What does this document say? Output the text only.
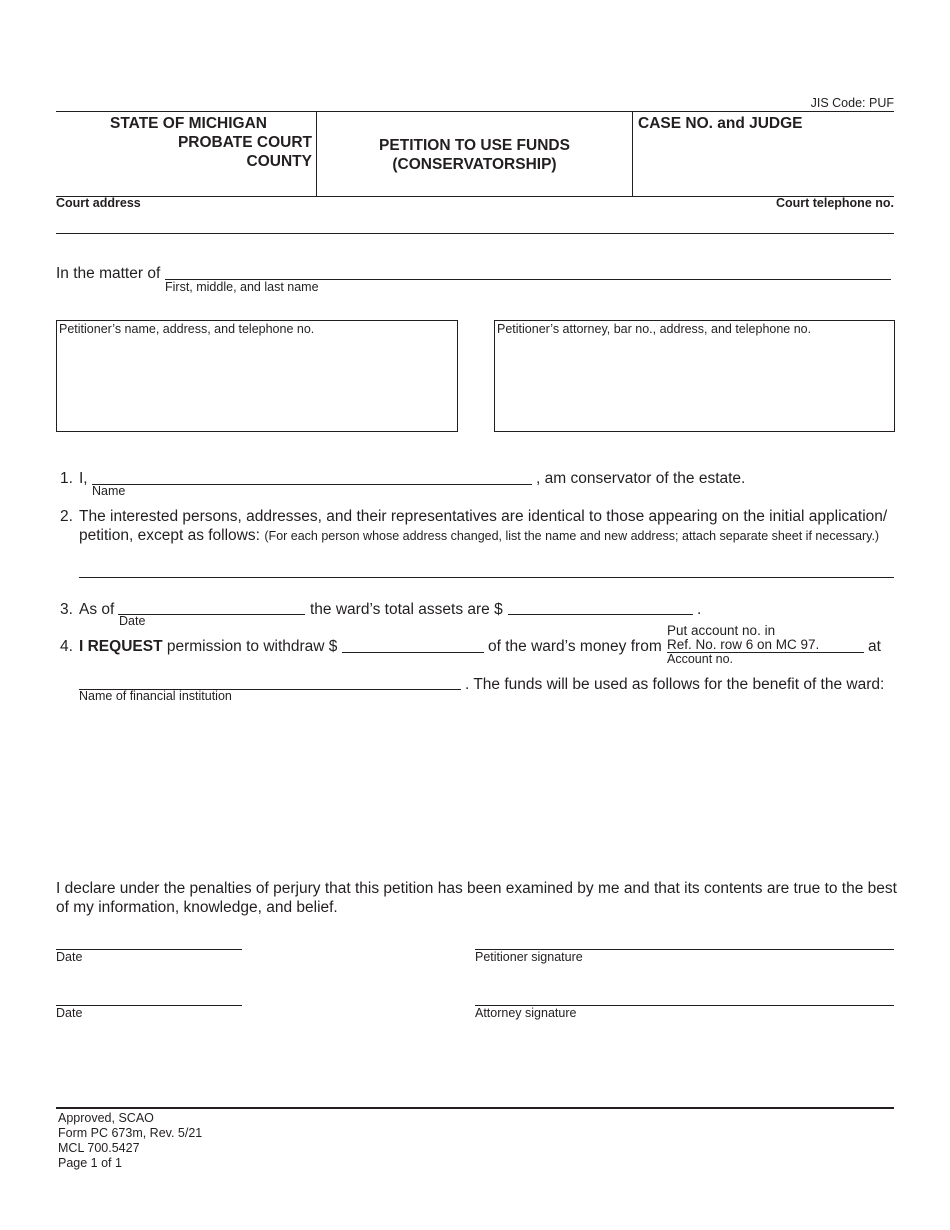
JIS Code: PUF
STATE OF MICHIGAN
PROBATE COURT
COUNTY
PETITION TO USE FUNDS
(CONSERVATORSHIP)
CASE NO. and JUDGE
Court address	Court telephone no.
In the matter of
First, middle, and last name
Petitioner’s name, address, and telephone no.	Petitioner’s attorney, bar no., address, and telephone no.
1. I,	, am conservator of the estate.
Name
2. The interested persons, addresses, and their representatives are identical to those appearing on the initial application/
petition, except as follows: (For each person whose address changed, list the name and new address; attach separate sheet if necessary.)
3. As of
Date
the ward’s total assets are $	.
4. I REQUEST permission to withdraw $	of the ward’s money from
Put account no. in
Ref. No. row 6 on MC 97.
Account no.
at
Name of financial institution
. The funds will be used as follows for the benefit of the ward:
I declare under the penalties of perjury that this petition has been examined by me and that its contents are true to the best
of my information, knowledge, and belief.
Date	Petitioner signature
Date	Attorney signature
Approved, SCAO
Form PC 673m, Rev. 5/21
MCL 700.5427
Page 1 of 1
